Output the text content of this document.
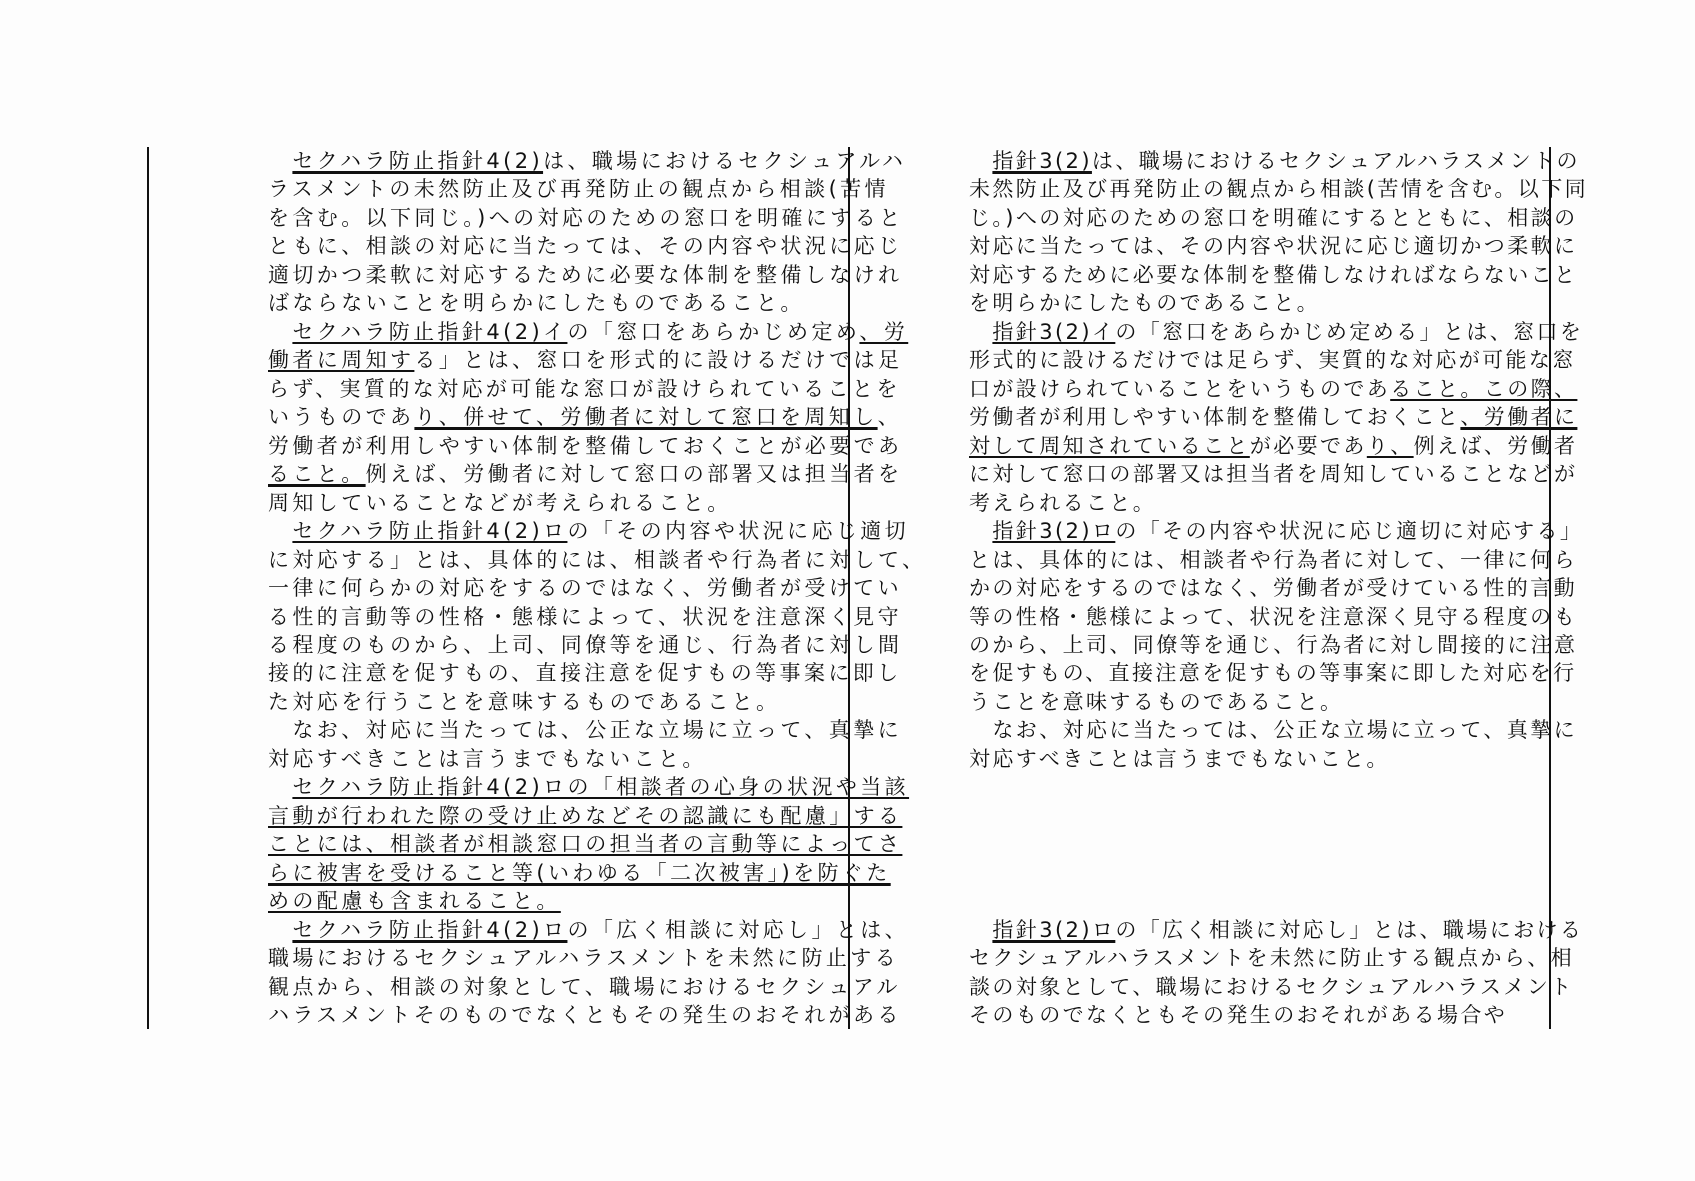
　セクハラ防止指針4(2)は、職場におけるセクシュアルハ
ラスメントの未然防止及び再発防止の観点から相談(苦情
を含む。以下同じ。)への対応のための窓口を明確にすると
ともに、相談の対応に当たっては、その内容や状況に応じ
適切かつ柔軟に対応するために必要な体制を整備しなけれ
ばならないことを明らかにしたものであること。
　セクハラ防止指針4(2)イの「窓口をあらかじめ定め、労
働者に周知する」とは、窓口を形式的に設けるだけでは足
らず、実質的な対応が可能な窓口が設けられていることを
いうものであり、併せて、労働者に対して窓口を周知し、
労働者が利用しやすい体制を整備しておくことが必要であ
ること。例えば、労働者に対して窓口の部署又は担当者を
周知していることなどが考えられること。
　セクハラ防止指針4(2)ロの「その内容や状況に応じ適切
に対応する」とは、具体的には、相談者や行為者に対して、
一律に何らかの対応をするのではなく、労働者が受けてい
る性的言動等の性格・態様によって、状況を注意深く見守
る程度のものから、上司、同僚等を通じ、行為者に対し間
接的に注意を促すもの、直接注意を促すもの等事案に即し
た対応を行うことを意味するものであること。
　なお、対応に当たっては、公正な立場に立って、真摯に
対応すべきことは言うまでもないこと。
　セクハラ防止指針4(2)ロの「相談者の心身の状況や当該
言動が行われた際の受け止めなどその認識にも配慮」する
ことには、相談者が相談窓口の担当者の言動等によってさ
らに被害を受けること等(いわゆる「二次被害」)を防ぐた
めの配慮も含まれること。
　セクハラ防止指針4(2)ロの「広く相談に対応し」とは、
職場におけるセクシュアルハラスメントを未然に防止する
観点から、相談の対象として、職場におけるセクシュアル
ハラスメントそのものでなくともその発生のおそれがある
　指針3(2)は、職場におけるセクシュアルハラスメントの
未然防止及び再発防止の観点から相談(苦情を含む。以下同
じ。)への対応のための窓口を明確にするとともに、相談の
対応に当たっては、その内容や状況に応じ適切かつ柔軟に
対応するために必要な体制を整備しなければならないこと
を明らかにしたものであること。
　指針3(2)イの「窓口をあらかじめ定める」とは、窓口を
形式的に設けるだけでは足らず、実質的な対応が可能な窓
口が設けられていることをいうものであること。この際、
労働者が利用しやすい体制を整備しておくこと、労働者に
対して周知されていることが必要であり、例えば、労働者
に対して窓口の部署又は担当者を周知していることなどが
考えられること。
　指針3(2)ロの「その内容や状況に応じ適切に対応する」
とは、具体的には、相談者や行為者に対して、一律に何ら
かの対応をするのではなく、労働者が受けている性的言動
等の性格・態様によって、状況を注意深く見守る程度のも
のから、上司、同僚等を通じ、行為者に対し間接的に注意
を促すもの、直接注意を促すもの等事案に即した対応を行
うことを意味するものであること。
　なお、対応に当たっては、公正な立場に立って、真摯に
対応すべきことは言うまでもないこと。
　指針3(2)ロの「広く相談に対応し」とは、職場における
セクシュアルハラスメントを未然に防止する観点から、相
談の対象として、職場におけるセクシュアルハラスメント
そのものでなくともその発生のおそれがある場合や
